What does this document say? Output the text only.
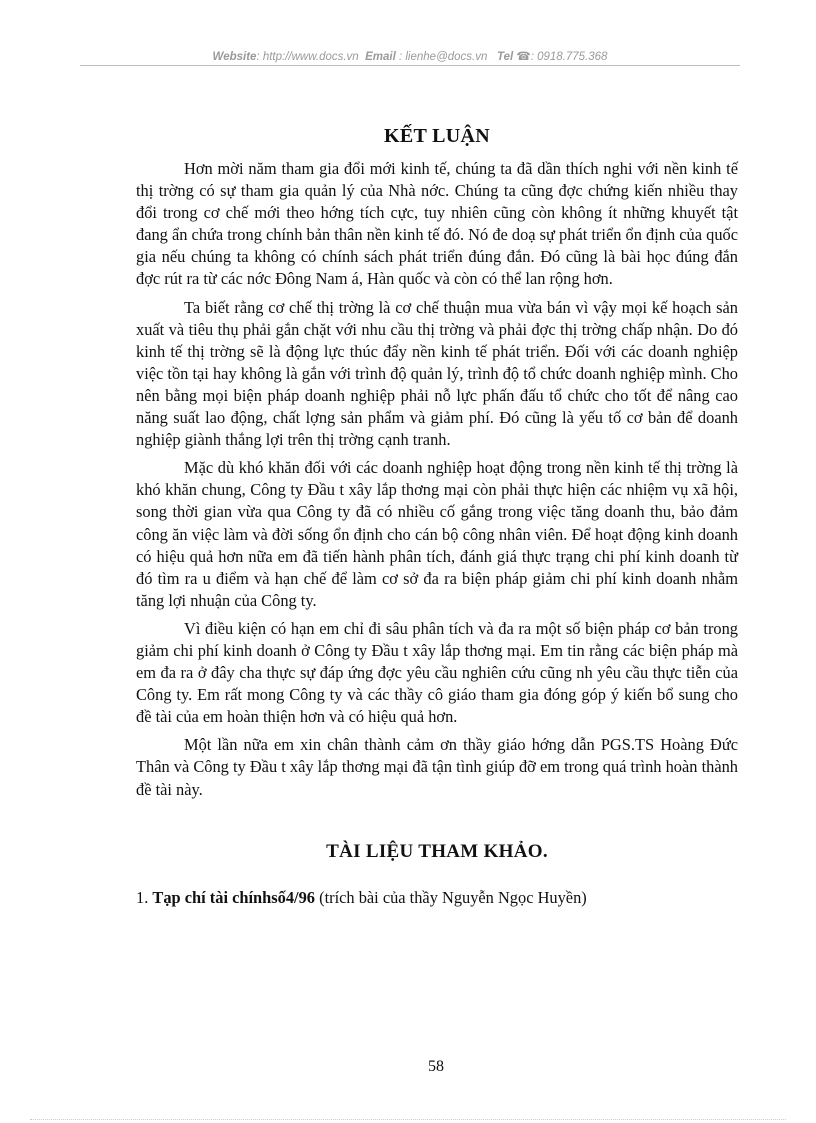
Website: http://www.docs.vn Email : lienhe@docs.vn Tel ☎: 0918.775.368
KẾT LUẬN

Hơn mời năm tham gia đổi mới kinh tế, chúng ta đã dần thích nghi với nền kinh tế thị trờng có sự tham gia quản lý của Nhà nớc. Chúng ta cũng đợc chứng kiến nhiều thay đổi trong cơ chế mới theo hớng tích cực, tuy nhiên cũng còn không ít những khuyết tật đang ẩn chứa trong chính bản thân nền kinh tế đó. Nó đe doạ sự phát triển ổn định của quốc gia nếu chúng ta không có chính sách phát triển đúng đắn. Đó cũng là bài học đúng đắn đợc rút ra từ các nớc Đông Nam á, Hàn quốc và còn có thể lan rộng hơn.

Ta biết rằng cơ chế thị trờng là cơ chế thuận mua vừa bán vì vậy mọi kế hoạch sản xuất và tiêu thụ phải gắn chặt với nhu cầu thị trờng và phải đợc thị trờng chấp nhận. Do đó kinh tế thị trờng sẽ là động lực thúc đẩy nền kinh tế phát triển. Đối với các doanh nghiệp việc tồn tại hay không là gắn với trình độ quản lý, trình độ tổ chức doanh nghiệp mình. Cho nên bằng mọi biện pháp doanh nghiệp phải nỗ lực phấn đấu tổ chức cho tốt để nâng cao năng suất lao động, chất lợng sản phẩm và giảm phí. Đó cũng là yếu tố cơ bản để doanh nghiệp giành thắng lợi trên thị trờng cạnh tranh.

Mặc dù khó khăn đối với các doanh nghiệp hoạt động trong nền kinh tế thị trờng là khó khăn chung, Công ty Đầu t xây lắp thơng mại còn phải thực hiện các nhiệm vụ xã hội, song thời gian vừa qua Công ty đã có nhiều cố gắng trong việc tăng doanh thu, bảo đảm công ăn việc làm và đời sống ổn định cho cán bộ công nhân viên. Để hoạt động kinh doanh có hiệu quả hơn nữa em đã tiến hành phân tích, đánh giá thực trạng chi phí kinh doanh từ đó tìm ra u điểm và hạn chế để làm cơ sở đa ra biện pháp giảm chi phí kinh doanh nhằm tăng lợi nhuận của Công ty.

Vì điều kiện có hạn em chỉ đi sâu phân tích và đa ra một số biện pháp cơ bản trong giảm chi phí kinh doanh ở Công ty Đầu t xây lắp thơng mại. Em tin rằng các biện pháp mà em đa ra ở đây cha thực sự đáp ứng đợc yêu cầu nghiên cứu cũng nh yêu cầu thực tiễn của Công ty. Em rất mong Công ty và các thầy cô giáo tham gia đóng góp ý kiến bổ sung cho đề tài của em hoàn thiện hơn và có hiệu quả hơn.

Một lần nữa em xin chân thành cảm ơn thầy giáo hớng dẫn PGS.TS Hoàng Đức Thân và Công ty Đầu t xây lắp thơng mại đã tận tình giúp đỡ em trong quá trình hoàn thành đề tài này.

TÀI LIỆU THAM KHẢO.

1. Tạp chí tài chínhsố4/96 (trích bài của thầy Nguyễn Ngọc Huyền)

58
